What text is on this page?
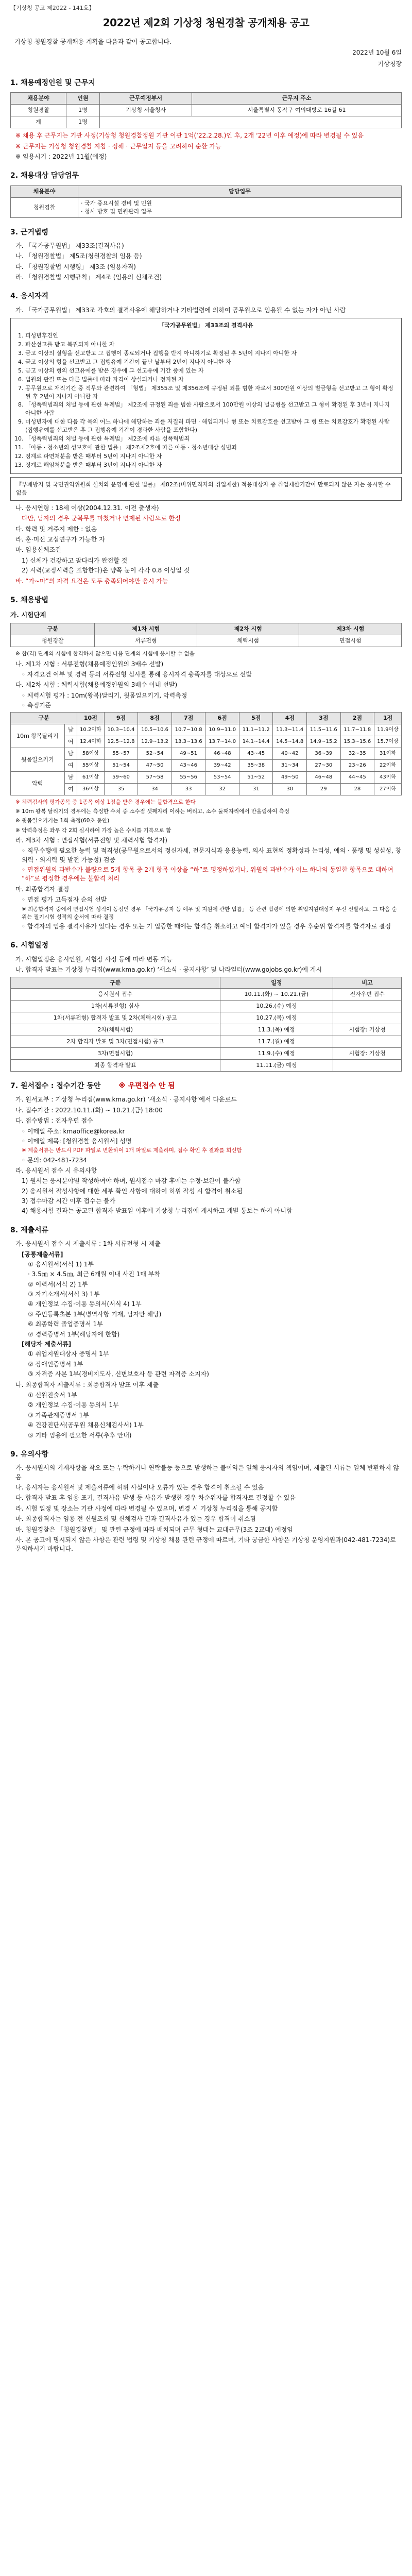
【기상청 공고 제2022 - 141호】
2022년 제2회 기상청 청원경찰 공개채용 공고

기상청 청원경찰 공개채용 계획을 다음과 같이 공고합니다.

2022년 10월 6일

기상청장

1. 채용예정인원 및 근무지
채용분야	인원	근무예정부서	근무지 주소
청원경찰	1명	기상청 서울청사	서울특별시 동작구 여의대방로 16길 61
계	1명		

※ 채용 후 근무지는 기관 사정(기상청 청원경찰정원 기관 이관 1억(‘22.2.28.)인 후, 2개 ‘22년 이후 예정)에 따라 변경될 수 있음

※ 근무지는 기상청 청원경찰 지침 · 정해 · 근무일지 등을 고려하여 순환 가능

※ 임용시기 : 2022년 11월(예정)

2. 채용대상 담당업무
채용분야	담당업무
청원경찰	· 국가 중요시설 경비 및 민원
· 청사 방호 및 민원관리 업무
3. 근거법령

가. 「국가공무원법」 제33조(결격사유)

나. 「청원경찰법」 제5조(청원경찰의 임용 등)

다. 「청원경찰법 시행령」 제3조 (임용자격)

라. 「청원경찰법 시행규칙」 제4조 (임용의 신체조건)

4. 응시자격

가. 「국가공무원법」 제33조 각호의 결격사유에 해당하거나 기타법령에 의하여 공무원으로 임용될 수 없는 자가 아닌 사람

「국가공무원법」 제33조의 결격사유
1. 피성년후견인
2. 파산선고를 받고 복권되지 아니한 자
3. 금고 이상의 실형을 선고받고 그 집행이 종료되거나 집행을 받지 아니하기로 확정된 후 5년이 지나지 아니한 자
4. 금고 이상의 형을 선고받고 그 집행유예 기간이 끝난 날부터 2년이 지나지 아니한 자
5. 금고 이상의 형의 선고유예를 받은 경우에 그 선고유예 기간 중에 있는 자
6. 법원의 판결 또는 다른 법률에 따라 자격이 상실되거나 정지된 자
7. 공무원으로 재직기간 중 직무와 관련하여 「형법」 제355조 및 제356조에 규정된 죄를 범한 자로서 300만원 이상의 벌금형을 선고받고 그 형이 확정된 후 2년이 지나지 아니한 자
8. 「성폭력범죄의 처벌 등에 관한 특례법」 제2조에 규정된 죄를 범한 사람으로서 100만원 이상의 벌금형을 선고받고 그 형이 확정된 후 3년이 지나지 아니한 사람
9. 미성년자에 대한 다음 각 목의 어느 하나에 해당하는 죄를 저질러 파면 · 해임되거나 형 또는 치료감호를 선고받아 그 형 또는 치료감호가 확정된 사람(집행유예를 선고받은 후 그 집행유예 기간이 경과한 사람을 포함한다)
10. 「성폭력범죄의 처벌 등에 관한 특례법」 제2조에 따른 성폭력범죄
11. 「아동 · 청소년의 성보호에 관한 법률」 제2조제2호에 따른 아동 · 청소년대상 성범죄
12. 징계로 파면처분을 받은 때부터 5년이 지나지 아니한 자
13. 징계로 해임처분을 받은 때부터 3년이 지나지 아니한 자
『부패방지 및 국민권익위원회 설치와 운영에 관한 법률』 제82조(비위면직자의 취업제한) 적용대상자 중 취업제한기간이 만료되지 않은 자는 응시할 수 없음

나. 응시연령 : 18세 이상(2004.12.31. 이전 출생자)

다만, 남자의 경우 군복무를 마쳤거나 면제된 사람으로 한정

다. 학력 및 거주지 제한 : 없음

라. 훈·미선 교섭연구가 가능한 자

마. 임용신체조건

1) 신체가 건강하고 팔다리가 완전할 것

2) 시력(교정시력을 포함한다)은 양쪽 눈이 각각 0.8 이상일 것

바. “가~마”의 자격 요건은 모두 충족되어야만 응시 가능

5. 채용방법
가. 시험단계
구분	제1차 시험	제2차 시험	제3차 시험
청원경찰	서류전형	체력시험	면접시험

※ 합(격) 단계의 시험에 합격하지 않으면 다음 단계의 시험에 응시할 수 없음

나. 제1차 시험 : 서류전형(채용예정인원의 3배수 선발)

◦ 자격요건 여부 및 경력 등의 서류전형 심사를 통해 응시자격 충족자를 대상으로 선발

다. 제2차 시험 : 체력시험(채용예정인원의 3배수 이내 선발)

◦ 체력시험 평가 : 10m(왕복)달리기, 윗몸일으키기, 악력측정

◦ 측정기준

구분		10점	9점	8점	7점	6점	5점	4점	3점	2점	1점
10m 왕복달리기	남	10.2이하	10.3~10.4	10.5~10.6	10.7~10.8	10.9~11.0	11.1~11.2	11.3~11.4	11.5~11.6	11.7~11.8	11.9이상
	여	12.4이하	12.5~12.8	12.9~13.2	13.3~13.6	13.7~14.0	14.1~14.4	14.5~14.8	14.9~15.2	15.3~15.6	15.7이상
윗몸일으키기	남	58이상	55~57	52~54	49~51	46~48	43~45	40~42	36~39	32~35	31이하
	여	55이상	51~54	47~50	43~46	39~42	35~38	31~34	27~30	23~26	22이하
악력	남	61이상	59~60	57~58	55~56	53~54	51~52	49~50	46~48	44~45	43이하
	여	36이상	35	34	33	32	31	30	29	28	27이하

※ 체력검사의 평가종목 중 1종목 이상 1점을 받은 경우에는 불합격으로 한다

※ 10m 왕복 달리기의 경우에는 측정한 수치 중 소수점 셋째자리 이하는 버리고, 소수 둘째자리에서 반올림하여 측정

※ 윗몸일으키기는 1회 측정(60초 동안)

※ 악력측정은 좌우 각 2회 실시하여 가장 높은 수치를 기록으로 함

라. 제3차 시험 : 면접시험(서류전형 및 체력시험 합격자)

◦ 직무수행에 필요한 능력 및 적격성(공무원으로서의 정신자세, 전문지식과 응용능력, 의사 표현의 정확성과 논리성, 예의 · 품행 및 성실성, 창의력 · 의지력 및 발전 가능성) 검증

◦ 면접위원의 과반수가 불량으로 5개 항목 중 2개 항목 이상을 “하”로 평정하였거나, 위원의 과반수가 어느 하나의 동일한 항목으로 대하여 “하”로 평정한 경우에는 불합격 처리

마. 최종합격자 결정

◦ 면접 평가 고득점자 순의 선발

※ 최종합격자 중에서 면접시험 성적이 동점인 경우 「국가유공자 등 예우 및 지원에 관한 법률」 등 관련 법령에 의한 취업지원대상자 우선 선발하고, 그 다음 순위는 필기시험 성적의 순서에 따라 결정

◦ 합격자의 임용 결격사유가 있다는 경우 또는 기 입증한 때에는 합격을 취소하고 예비 합격자가 있을 경우 후순위 합격자를 합격자로 결정

6. 시험일정

가. 시험일정은 응시인원, 시험장 사정 등에 따라 변동 가능

나. 합격자 발표는 기상청 누리집(www.kma.go.kr) ‘새소식 · 공지사항’ 및 나라일터(www.gojobs.go.kr)에 게시

구분	일정	비고
응시원서 접수	10.11.(화) ~ 10.21.(금)	전자우편 접수
1차(서류전형) 심사	10.26.(수) 예정	
1차(서류전형) 합격자 발표 및 2차(체력시험) 공고	10.27.(목) 예정	
2차(체력시험)	11.3.(목) 예정	시험장: 기상청
2차 합격자 발표 및 3차(면접시험) 공고	11.7.(월) 예정	
3차(면접시험)	11.9.(수) 예정	시험장: 기상청
최종 합격자 발표	11.11.(금) 예정	
7. 원서접수 : 접수기간 동안 ※ 우편접수 안 됨

가. 원서교부 : 기상청 누리집(www.kma.go.kr) ‘새소식 · 공지사항’에서 다운로드

나. 접수기간 : 2022.10.11.(화) ~ 10.21.(금) 18:00

다. 접수방법 : 전자우편 접수

◦ 이메일 주소: kmaoffice@korea.kr

◦ 이메일 제목: [청원경찰 응시원서] 성명

※ 제출서류는 반드시 PDF 파일로 변환하여 1개 파일로 제출하며, 접수 확인 후 결과를 회신함

◦ 문의: 042-481-7234

라. 응시원서 접수 시 유의사항

1) 원서는 응시분야별 작성하여야 하며, 원서접수 마감 후에는 수정·보완이 불가함

2) 응시원서 작성사항에 대한 세부 확인 사항에 대하여 허위 작성 시 합격이 취소됨

3) 접수마감 시간 이후 접수는 불가

4) 채용시험 결과는 공고된 합격자 발표일 이후에 기상청 누리집에 게시하고 개별 통보는 하지 아니함

8. 제출서류

가. 응시원서 접수 시 제출서류 : 1차 서류전형 시 제출

[공통제출서류]

① 응시원서(서식 1) 1부

· 3.5㎝ × 4.5㎝, 최근 6개월 이내 사진 1매 부착

② 이력서(서식 2) 1부

③ 자기소개서(서식 3) 1부

④ 개인정보 수집·이용 동의서(서식 4) 1부

⑤ 주민등록초본 1부(병역사항 기재, 남자만 해당)

⑥ 최종학력 졸업증명서 1부

⑦ 경력증명서 1부(해당자에 한함)

[해당자 제출서류]

① 취업지원대상자 증명서 1부

② 장애인증명서 1부

③ 자격증 사본 1부(경비지도사, 신변보호사 등 관련 자격증 소지자)

나. 최종합격자 제출서류 : 최종합격자 발표 이후 제출

① 신원진술서 1부

② 개인정보 수집·이용 동의서 1부

③ 가족관계증명서 1부

④ 건강진단서(공무원 채용신체검사서) 1부

⑤ 기타 임용에 필요한 서류(추후 안내)

9. 유의사항

가. 응시원서의 기재사항을 착오 또는 누락하거나 연락불능 등으로 발생하는 불이익은 일체 응시자의 책임이며, 제출된 서류는 일체 반환하지 않음

나. 응시자는 응시원서 및 제출서류에 허위 사실이나 오류가 있는 경우 합격이 취소될 수 있음

다. 합격자 발표 후 임용 포기, 결격사유 발생 등 사유가 발생한 경우 차순위자를 합격자로 결정할 수 있음

라. 시험 일정 및 장소는 기관 사정에 따라 변경될 수 있으며, 변경 시 기상청 누리집을 통해 공지함

마. 최종합격자는 임용 전 신원조회 및 신체검사 결과 결격사유가 있는 경우 합격이 취소됨

바. 청원경찰은 「청원경찰법」 및 관련 규정에 따라 배치되며 근무 형태는 교대근무(3조 2교대) 예정임

사. 본 공고에 명시되지 않은 사항은 관련 법령 및 기상청 채용 관련 규정에 따르며, 기타 궁금한 사항은 기상청 운영지원과(042-481-7234)로 문의하시기 바랍니다.
